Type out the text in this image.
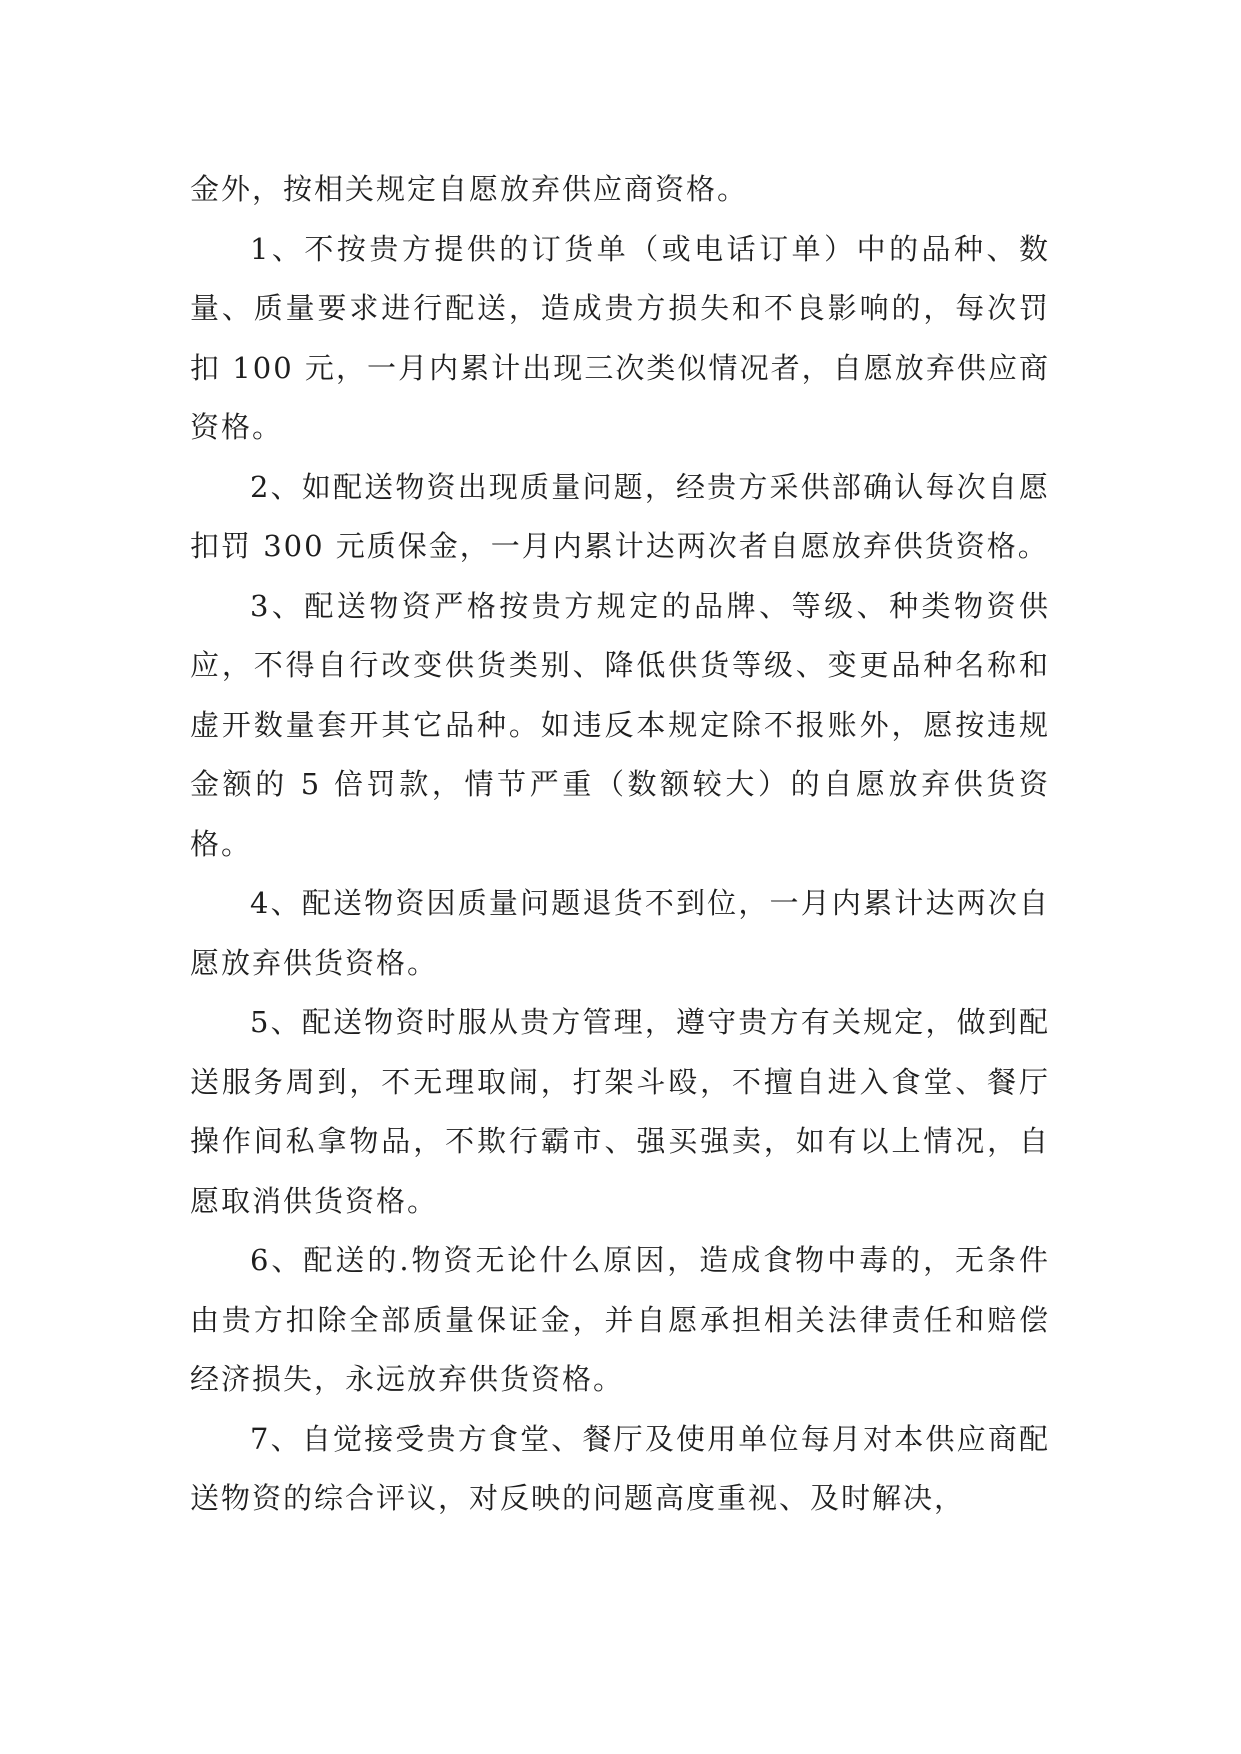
金外，按相关规定自愿放弃供应商资格。

1、不按贵方提供的订货单（或电话订单）中的品种、数量、质量要求进行配送，造成贵方损失和不良影响的，每次罚扣 100 元，一月内累计出现三次类似情况者，自愿放弃供应商资格。

2、如配送物资出现质量问题，经贵方采供部确认每次自愿扣罚 300 元质保金，一月内累计达两次者自愿放弃供货资格。

3、配送物资严格按贵方规定的品牌、等级、种类物资供应，不得自行改变供货类别、降低供货等级、变更品种名称和虚开数量套开其它品种。如违反本规定除不报账外，愿按违规金额的 5 倍罚款，情节严重（数额较大）的自愿放弃供货资格。

4、配送物资因质量问题退货不到位，一月内累计达两次自愿放弃供货资格。

5、配送物资时服从贵方管理，遵守贵方有关规定，做到配送服务周到，不无理取闹，打架斗殴，不擅自进入食堂、餐厅操作间私拿物品，不欺行霸市、强买强卖，如有以上情况，自愿取消供货资格。

6、配送的.物资无论什么原因，造成食物中毒的，无条件由贵方扣除全部质量保证金，并自愿承担相关法律责任和赔偿经济损失，永远放弃供货资格。

7、自觉接受贵方食堂、餐厅及使用单位每月对本供应商配送物资的综合评议，对反映的问题高度重视、及时解决，
